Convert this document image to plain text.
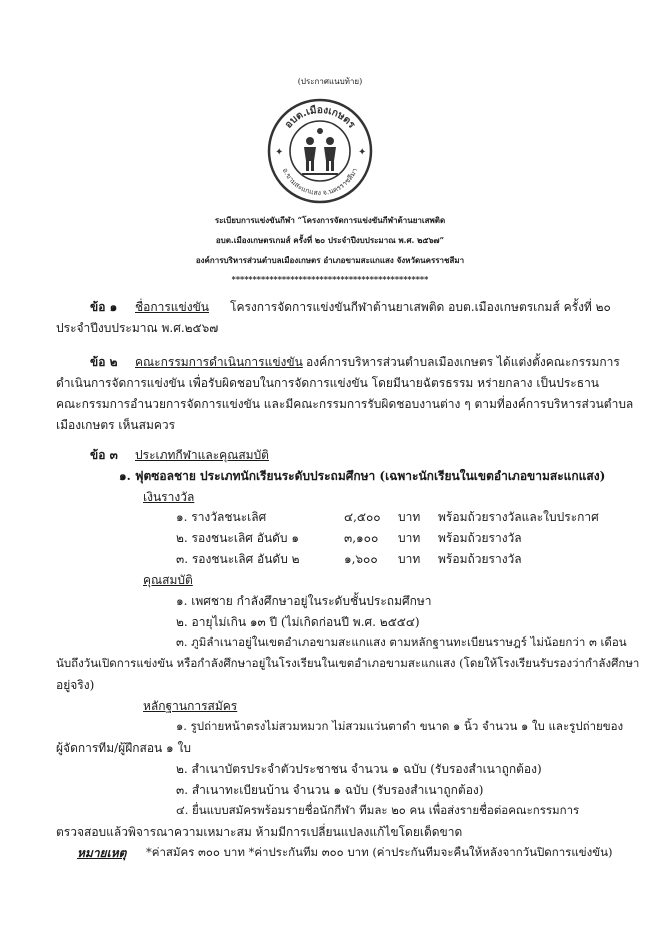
(ประกาศแนบท้าย)
อบต.เมืองเกษตร
อ.ขามสะแกแสง จ.นครราชสีมา
✦	✦
ระเบียบการแข่งขันกีฬา “โครงการจัดการแข่งขันกีฬาต้านยาเสพติด
อบต.เมืองเกษตรเกมส์ ครั้งที่ ๒๐ ประจำปีงบประมาณ พ.ศ. ๒๕๖๗”
องค์การบริหารส่วนตำบลเมืองเกษตร อำเภอขามสะแกแสง จังหวัดนครราชสีมา
***********************************************
ข้อ ๑ ชื่อการแข่งขัน โครงการจัดการแข่งขันกีฬาต้านยาเสพติด อบต.เมืองเกษตรเกมส์ ครั้งที่ ๒๐
ประจำปีงบประมาณ พ.ศ.๒๕๖๗
ข้อ ๒ คณะกรรมการดำเนินการแข่งขัน องค์การบริหารส่วนตำบลเมืองเกษตร ได้แต่งตั้งคณะกรรมการ
ดำเนินการจัดการแข่งขัน เพื่อรับผิดชอบในการจัดการแข่งขัน โดยมีนายฉัตรธรรม หร่ายกลาง เป็นประธาน
คณะกรรมการอำนวยการจัดการแข่งขัน และมีคณะกรรมการรับผิดชอบงานต่าง ๆ ตามที่องค์การบริหารส่วนตำบล
เมืองเกษตร เห็นสมควร
ข้อ ๓ ประเภทกีฬาและคุณสมบัติ
๑. ฟุตซอลชาย ประเภทนักเรียนระดับประถมศึกษา (เฉพาะนักเรียนในเขตอำเภอขามสะแกแสง)
เงินรางวัล
๑. รางวัลชนะเลิศ	๔,๕๐๐ บาท พร้อมถ้วยรางวัลและใบประกาศ
๒. รองชนะเลิศ อันดับ ๑	๓,๑๐๐ บาท พร้อมถ้วยรางวัล
๓. รองชนะเลิศ อันดับ ๒	๑,๖๐๐ บาท พร้อมถ้วยรางวัล
คุณสมบัติ
๑. เพศชาย กำลังศึกษาอยู่ในระดับชั้นประถมศึกษา
๒. อายุไม่เกิน ๑๓ ปี (ไม่เกิดก่อนปี พ.ศ. ๒๕๕๔)
๓. ภูมิลำเนาอยู่ในเขตอำเภอขามสะแกแสง ตามหลักฐานทะเบียนราษฎร์ ไม่น้อยกว่า ๓ เดือน
นับถึงวันเปิดการแข่งขัน หรือกำลังศึกษาอยู่ในโรงเรียนในเขตอำเภอขามสะแกแสง (โดยให้โรงเรียนรับรองว่ากำลังศึกษา
อยู่จริง)
หลักฐานการสมัคร
๑. รูปถ่ายหน้าตรงไม่สวมหมวก ไม่สวมแว่นตาดำ ขนาด ๑ นิ้ว จำนวน ๑ ใบ และรูปถ่ายของ
ผู้จัดการทีม/ผู้ฝึกสอน ๑ ใบ
๒. สำเนาบัตรประจำตัวประชาชน จำนวน ๑ ฉบับ (รับรองสำเนาถูกต้อง)
๓. สำเนาทะเบียนบ้าน จำนวน ๑ ฉบับ (รับรองสำเนาถูกต้อง)
๔. ยื่นแบบสมัครพร้อมรายชื่อนักกีฬา ทีมละ ๒๐ คน เพื่อส่งรายชื่อต่อคณะกรรมการ
ตรวจสอบแล้วพิจารณาความเหมาะสม ห้ามมีการเปลี่ยนแปลงแก้ไขโดยเด็ดขาด
หมายเหตุ *ค่าสมัคร ๓๐๐ บาท *ค่าประกันทีม ๓๐๐ บาท (ค่าประกันทีมจะคืนให้หลังจากวันปิดการแข่งขัน)
